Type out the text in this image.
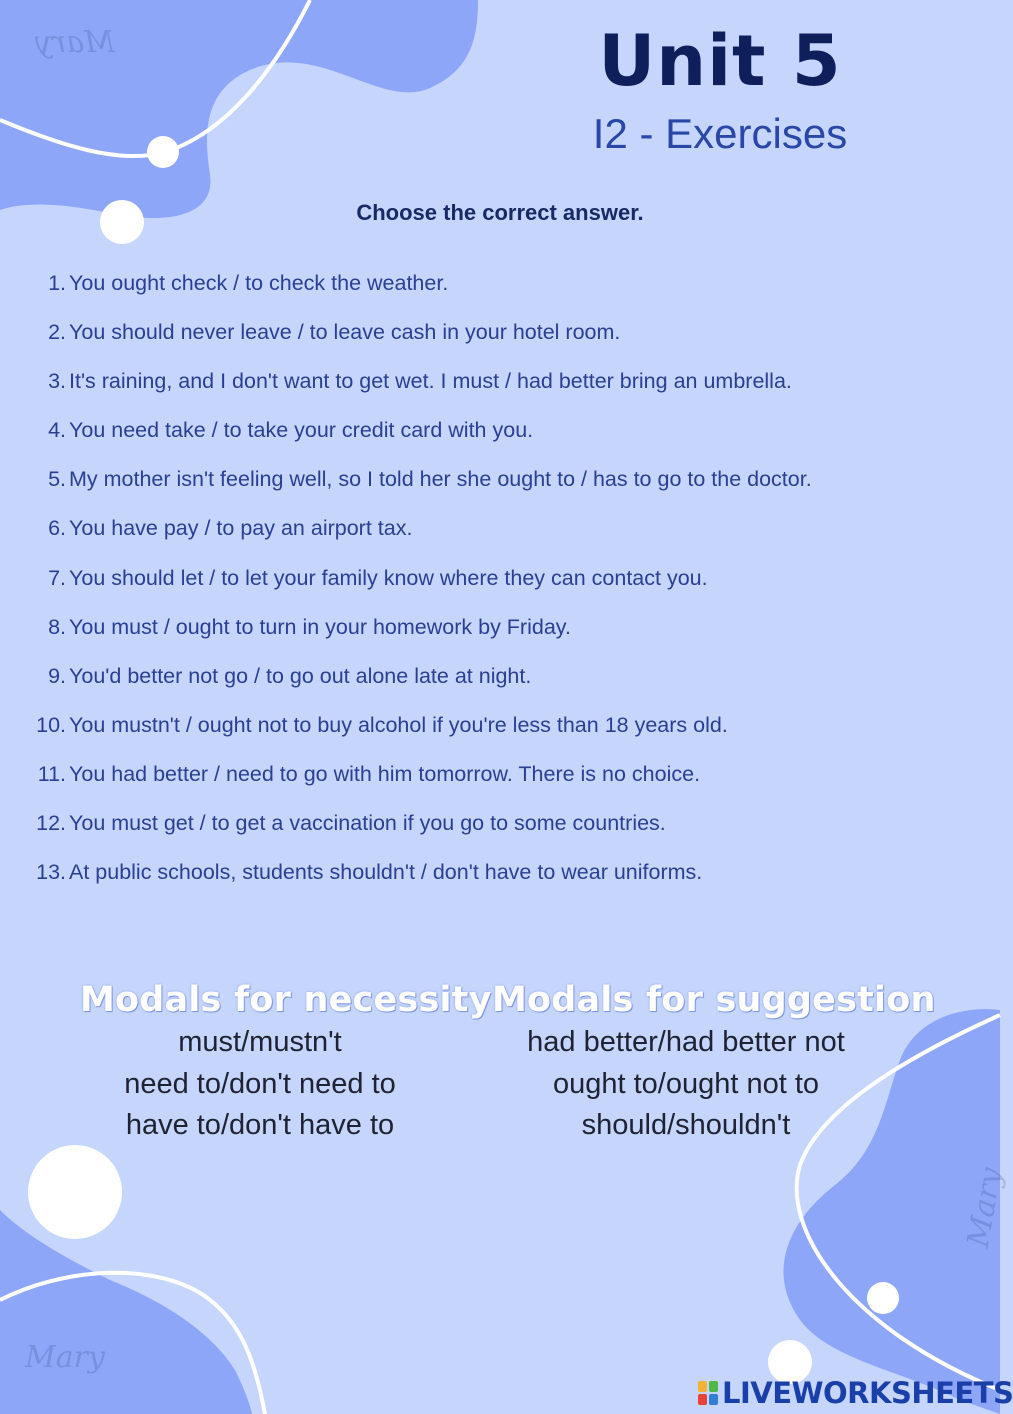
Mary
Mary
Mary
Unit 5
I2 - Exercises
Choose the correct answer.
1. You ought check / to check the weather.
2. You should never leave / to leave cash in your hotel room.
3. It's raining, and I don't want to get wet. I must / had better bring an umbrella.
4. You need take / to take your credit card with you.
5. My mother isn't feeling well, so I told her she ought to / has to go to the doctor.
6. You have pay / to pay an airport tax.
7. You should let / to let your family know where they can contact you.
8. You must / ought to turn in your homework by Friday.
9. You'd better not go / to go out alone late at night.
10. You mustn't / ought not to buy alcohol if you're less than 18 years old.
11. You had better / need to go with him tomorrow. There is no choice.
12. You must get / to get a vaccination if you go to some countries.
13. At public schools, students shouldn't / don't have to wear uniforms.
Modals for necessity
must/mustn't
need to/don't need to
have to/don't have to
Modals for suggestion
had better/had better not
ought to/ought not to
should/shouldn't
LIVEWORKSHEETS
